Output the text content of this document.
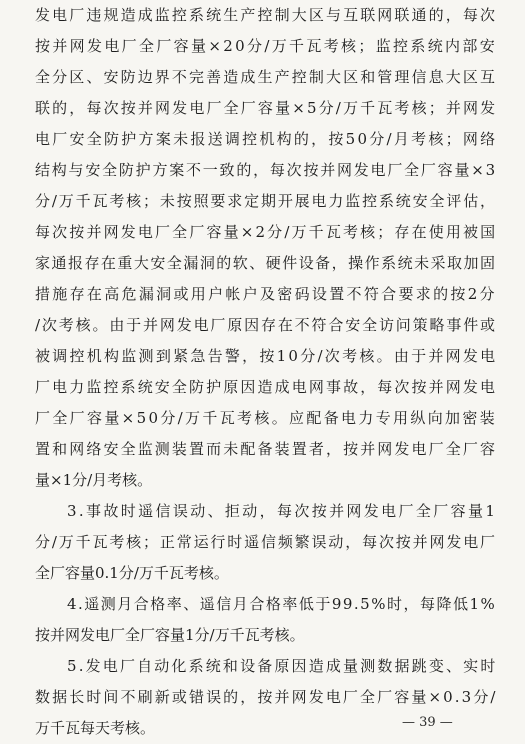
发电厂违规造成监控系统生产控制大区与互联网联通的，每次
按并网发电厂全厂容量×20分/万千瓦考核；监控系统内部安
全分区、安防边界不完善造成生产控制大区和管理信息大区互
联的，每次按并网发电厂全厂容量×5分/万千瓦考核；并网发
电厂安全防护方案未报送调控机构的，按50分/月考核；网络
结构与安全防护方案不一致的，每次按并网发电厂全厂容量×3
分/万千瓦考核；未按照要求定期开展电力监控系统安全评估，
每次按并网发电厂全厂容量×2分/万千瓦考核；存在使用被国
家通报存在重大安全漏洞的软、硬件设备，操作系统未采取加固
措施存在高危漏洞或用户帐户及密码设置不符合要求的按2分
/次考核。由于并网发电厂原因存在不符合安全访问策略事件或
被调控机构监测到紧急告警，按10分/次考核。由于并网发电
厂电力监控系统安全防护原因造成电网事故，每次按并网发电
厂全厂容量×50分/万千瓦考核。应配备电力专用纵向加密装
置和网络安全监测装置而未配备装置者，按并网发电厂全厂容
量×1分/月考核。
3.事故时遥信误动、拒动，每次按并网发电厂全厂容量1
分/万千瓦考核；正常运行时遥信频繁误动，每次按并网发电厂
全厂容量0.1分/万千瓦考核。
4.遥测月合格率、遥信月合格率低于99.5%时，每降低1%
按并网发电厂全厂容量1分/万千瓦考核。
5.发电厂自动化系统和设备原因造成量测数据跳变、实时
数据长时间不刷新或错误的，按并网发电厂全厂容量×0.3分/
万千瓦每天考核。	— 39 —
